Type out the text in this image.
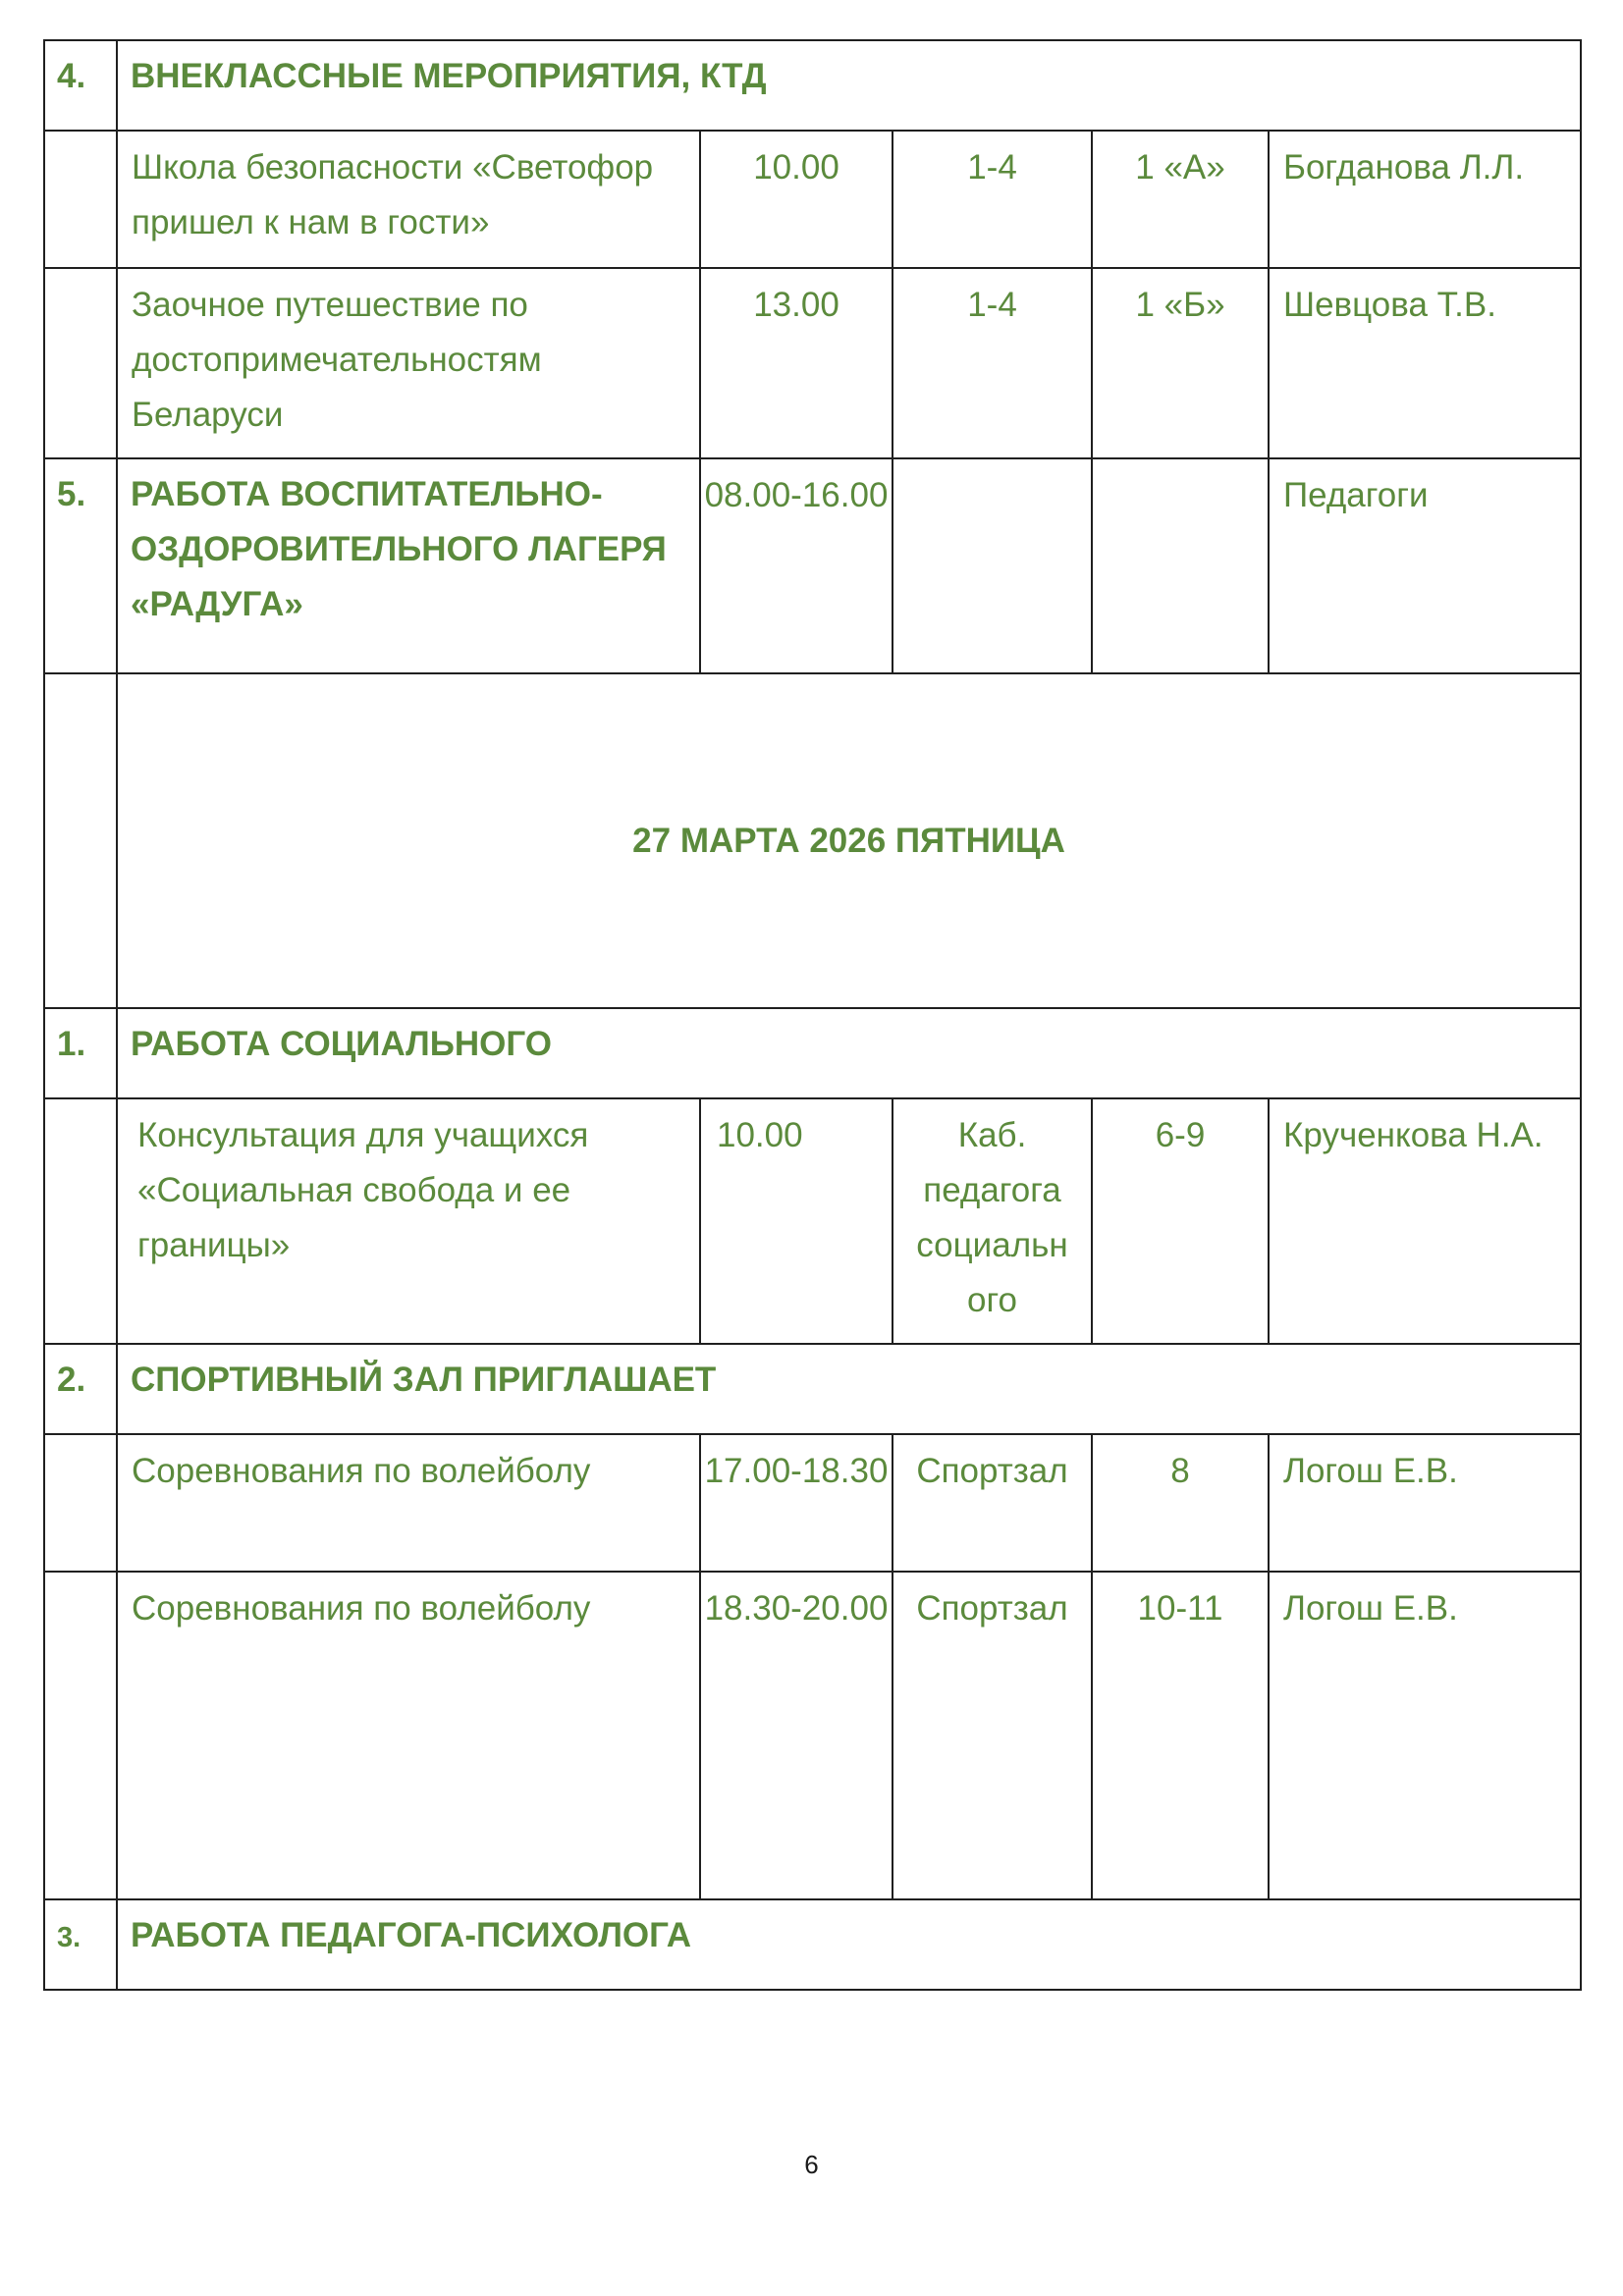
4.	ВНЕКЛАССНЫЕ МЕРОПРИЯТИЯ, КТД				
	Школа безопасности «Светофор пришел к нам в гости»	10.00	1-4	1 «А»	Богданова Л.Л.
	Заочное путешествие по достопримечательностям Беларуси	13.00	1-4	1 «Б»	Шевцова Т.В.
5.	РАБОТА ВОСПИТАТЕЛЬНО-ОЗДОРОВИТЕЛЬНОГО ЛАГЕРЯ «РАДУГА»	08.00-16.00			Педагоги
	27 МАРТА 2026 ПЯТНИЦА				
1.	РАБОТА СОЦИАЛЬНОГО				
	Консультация для учащихся «Социальная свобода и ее границы»	10.00	Каб. педагога социальн ого	6-9	Крученкова Н.А.
2.	СПОРТИВНЫЙ ЗАЛ ПРИГЛАШАЕТ				
	Соревнования по волейболу	17.00-18.30	Спортзал	8	Логош Е.В.
	Соревнования по волейболу	18.30-20.00	Спортзал	10-11	Логош Е.В.
3.	РАБОТА ПЕДАГОГА-ПСИХОЛОГА				
6
